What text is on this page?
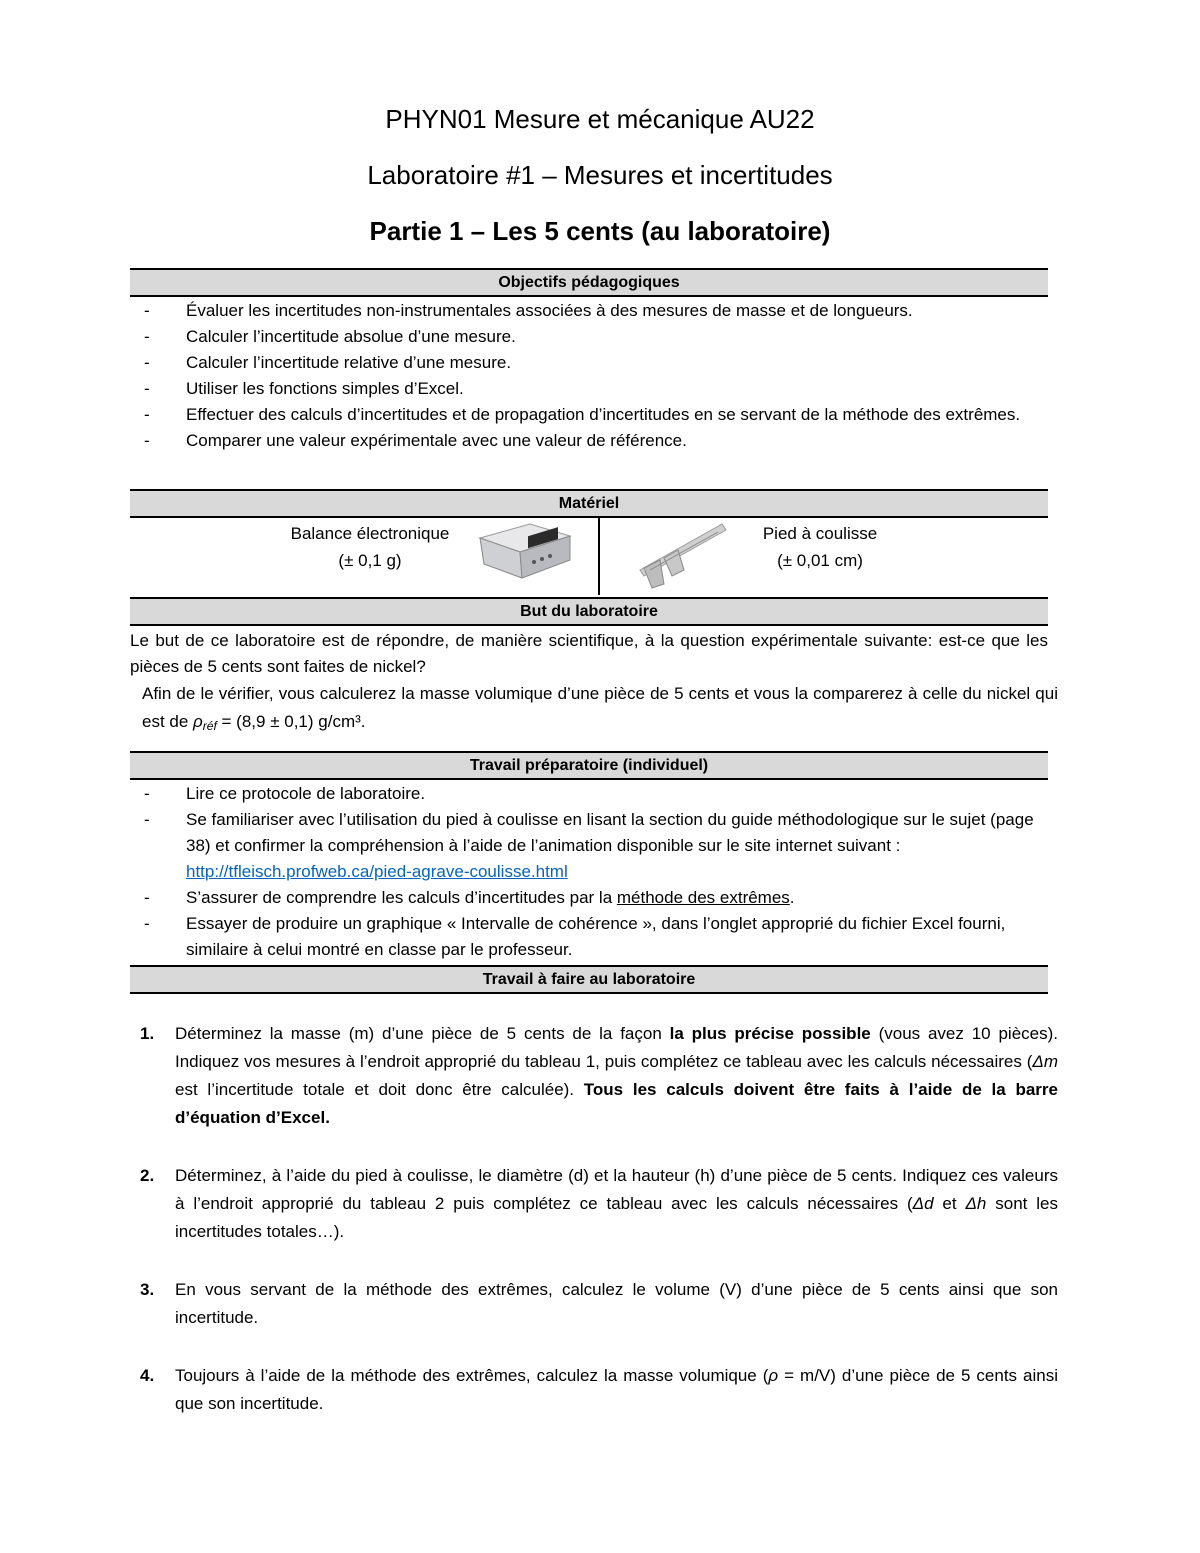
PHYN01 Mesure et mécanique AU22
Laboratoire #1 – Mesures et incertitudes
Partie 1 – Les 5 cents (au laboratoire)
Objectifs pédagogiques
- Évaluer les incertitudes non-instrumentales associées à des mesures de masse et de longueurs.
- Calculer l’incertitude absolue d’une mesure.
- Calculer l’incertitude relative d’une mesure.
- Utiliser les fonctions simples d’Excel.
- Effectuer des calculs d’incertitudes et de propagation d’incertitudes en se servant de la méthode des extrêmes.
- Comparer une valeur expérimentale avec une valeur de référence.
Matériel
Balance électronique
(± 0,1 g)
Pied à coulisse
(± 0,01 cm)
But du laboratoire
Le but de ce laboratoire est de répondre, de manière scientifique, à la question expérimentale suivante: est-ce que les pièces de 5 cents sont faites de nickel?
Afin de le vérifier, vous calculerez la masse volumique d’une pièce de 5 cents et vous la comparerez à celle du nickel qui est de $\rho_{réf} = (8,9 \pm 0,1)$ g/cm³.
Travail préparatoire (individuel)
- Lire ce protocole de laboratoire.
- Se familiariser avec l’utilisation du pied à coulisse en lisant la section du guide méthodologique sur le sujet (page 38) et confirmer la compréhension à l’aide de l’animation disponible sur le site internet suivant : http://tfleisch.profweb.ca/pied-agrave-coulisse.html
- S’assurer de comprendre les calculs d’incertitudes par la méthode des extrêmes.
- Essayer de produire un graphique « Intervalle de cohérence », dans l’onglet approprié du fichier Excel fourni, similaire à celui montré en classe par le professeur.
Travail à faire au laboratoire
1. Déterminez la masse (m) d’une pièce de 5 cents de la façon la plus précise possible (vous avez 10 pièces). Indiquez vos mesures à l’endroit approprié du tableau 1, puis complétez ce tableau avec les calculs nécessaires (Δm est l’incertitude totale et doit donc être calculée). Tous les calculs doivent être faits à l’aide de la barre d’équation d’Excel.
2. Déterminez, à l’aide du pied à coulisse, le diamètre (d) et la hauteur (h) d’une pièce de 5 cents. Indiquez ces valeurs à l’endroit approprié du tableau 2 puis complétez ce tableau avec les calculs nécessaires (Δd et Δh sont les incertitudes totales…).
3. En vous servant de la méthode des extrêmes, calculez le volume (V) d’une pièce de 5 cents ainsi que son incertitude.
4. Toujours à l’aide de la méthode des extrêmes, calculez la masse volumique (ρ = m/V) d’une pièce de 5 cents ainsi que son incertitude.
